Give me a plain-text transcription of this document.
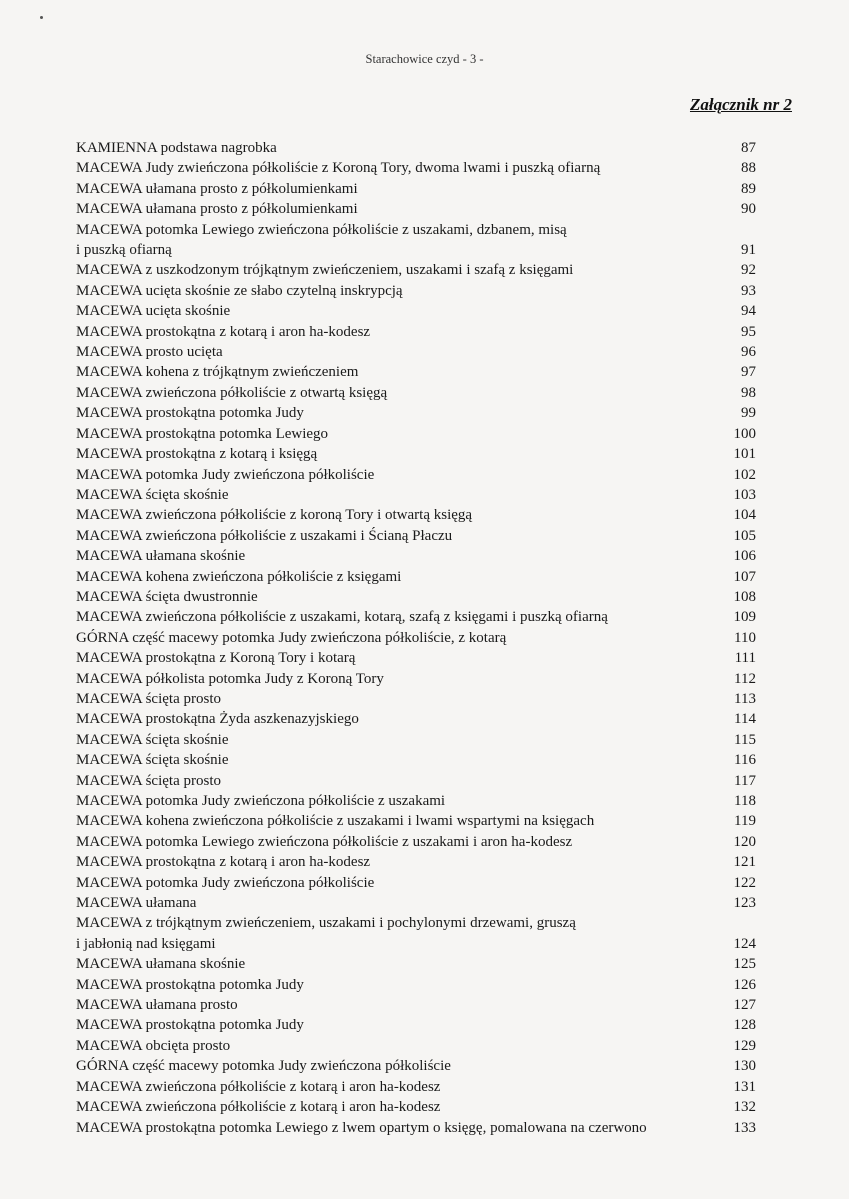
Starachowice czyd - 3 -
Załącznik nr 2
KAMIENNA podstawa nagrobka	87
MACEWA Judy zwieńczona półkoliście z Koroną Tory, dwoma lwami i puszką ofiarną	88
MACEWA ułamana prosto z półkolumienkami	89
MACEWA ułamana prosto z półkolumienkami	90
MACEWA potomka Lewiego zwieńczona półkoliście z uszakami, dzbanem, misą
i puszką ofiarną	91
MACEWA z uszkodzonym trójkątnym zwieńczeniem, uszakami i szafą z księgami	92
MACEWA ucięta skośnie ze słabo czytelną inskrypcją	93
MACEWA ucięta skośnie	94
MACEWA prostokątna z kotarą i aron ha-kodesz	95
MACEWA prosto ucięta	96
MACEWA kohena z trójkątnym zwieńczeniem	97
MACEWA zwieńczona półkoliście z otwartą księgą	98
MACEWA prostokątna potomka Judy	99
MACEWA prostokątna potomka Lewiego	100
MACEWA prostokątna z kotarą i księgą	101
MACEWA potomka Judy zwieńczona półkoliście	102
MACEWA ścięta skośnie	103
MACEWA zwieńczona półkoliście z koroną Tory i otwartą księgą	104
MACEWA zwieńczona półkoliście z uszakami i Ścianą Płaczu	105
MACEWA ułamana skośnie	106
MACEWA kohena zwieńczona półkoliście z księgami	107
MACEWA ścięta dwustronnie	108
MACEWA zwieńczona półkoliście z uszakami, kotarą, szafą z księgami i puszką ofiarną	109
GÓRNA część macewy potomka Judy zwieńczona półkoliście, z kotarą	110
MACEWA prostokątna z Koroną Tory i kotarą	111
MACEWA półkolista potomka Judy z Koroną Tory	112
MACEWA ścięta prosto	113
MACEWA prostokątna Żyda aszkenazyjskiego	114
MACEWA ścięta skośnie	115
MACEWA ścięta skośnie	116
MACEWA ścięta prosto	117
MACEWA potomka Judy zwieńczona półkoliście z uszakami	118
MACEWA kohena zwieńczona półkoliście z uszakami i lwami wspartymi na księgach	119
MACEWA potomka Lewiego zwieńczona półkoliście z uszakami i aron ha-kodesz	120
MACEWA prostokątna z kotarą i aron ha-kodesz	121
MACEWA potomka Judy zwieńczona półkoliście	122
MACEWA ułamana	123
MACEWA z trójkątnym zwieńczeniem, uszakami i pochylonymi drzewami, gruszą
i jabłonią nad księgami	124
MACEWA ułamana skośnie	125
MACEWA prostokątna potomka Judy	126
MACEWA ułamana prosto	127
MACEWA prostokątna potomka Judy	128
MACEWA obcięta prosto	129
GÓRNA część macewy potomka Judy zwieńczona półkoliście	130
MACEWA zwieńczona półkoliście z kotarą i aron ha-kodesz	131
MACEWA zwieńczona półkoliście z kotarą i aron ha-kodesz	132
MACEWA prostokątna potomka Lewiego z lwem opartym o księgę, pomalowana na czerwono	133
